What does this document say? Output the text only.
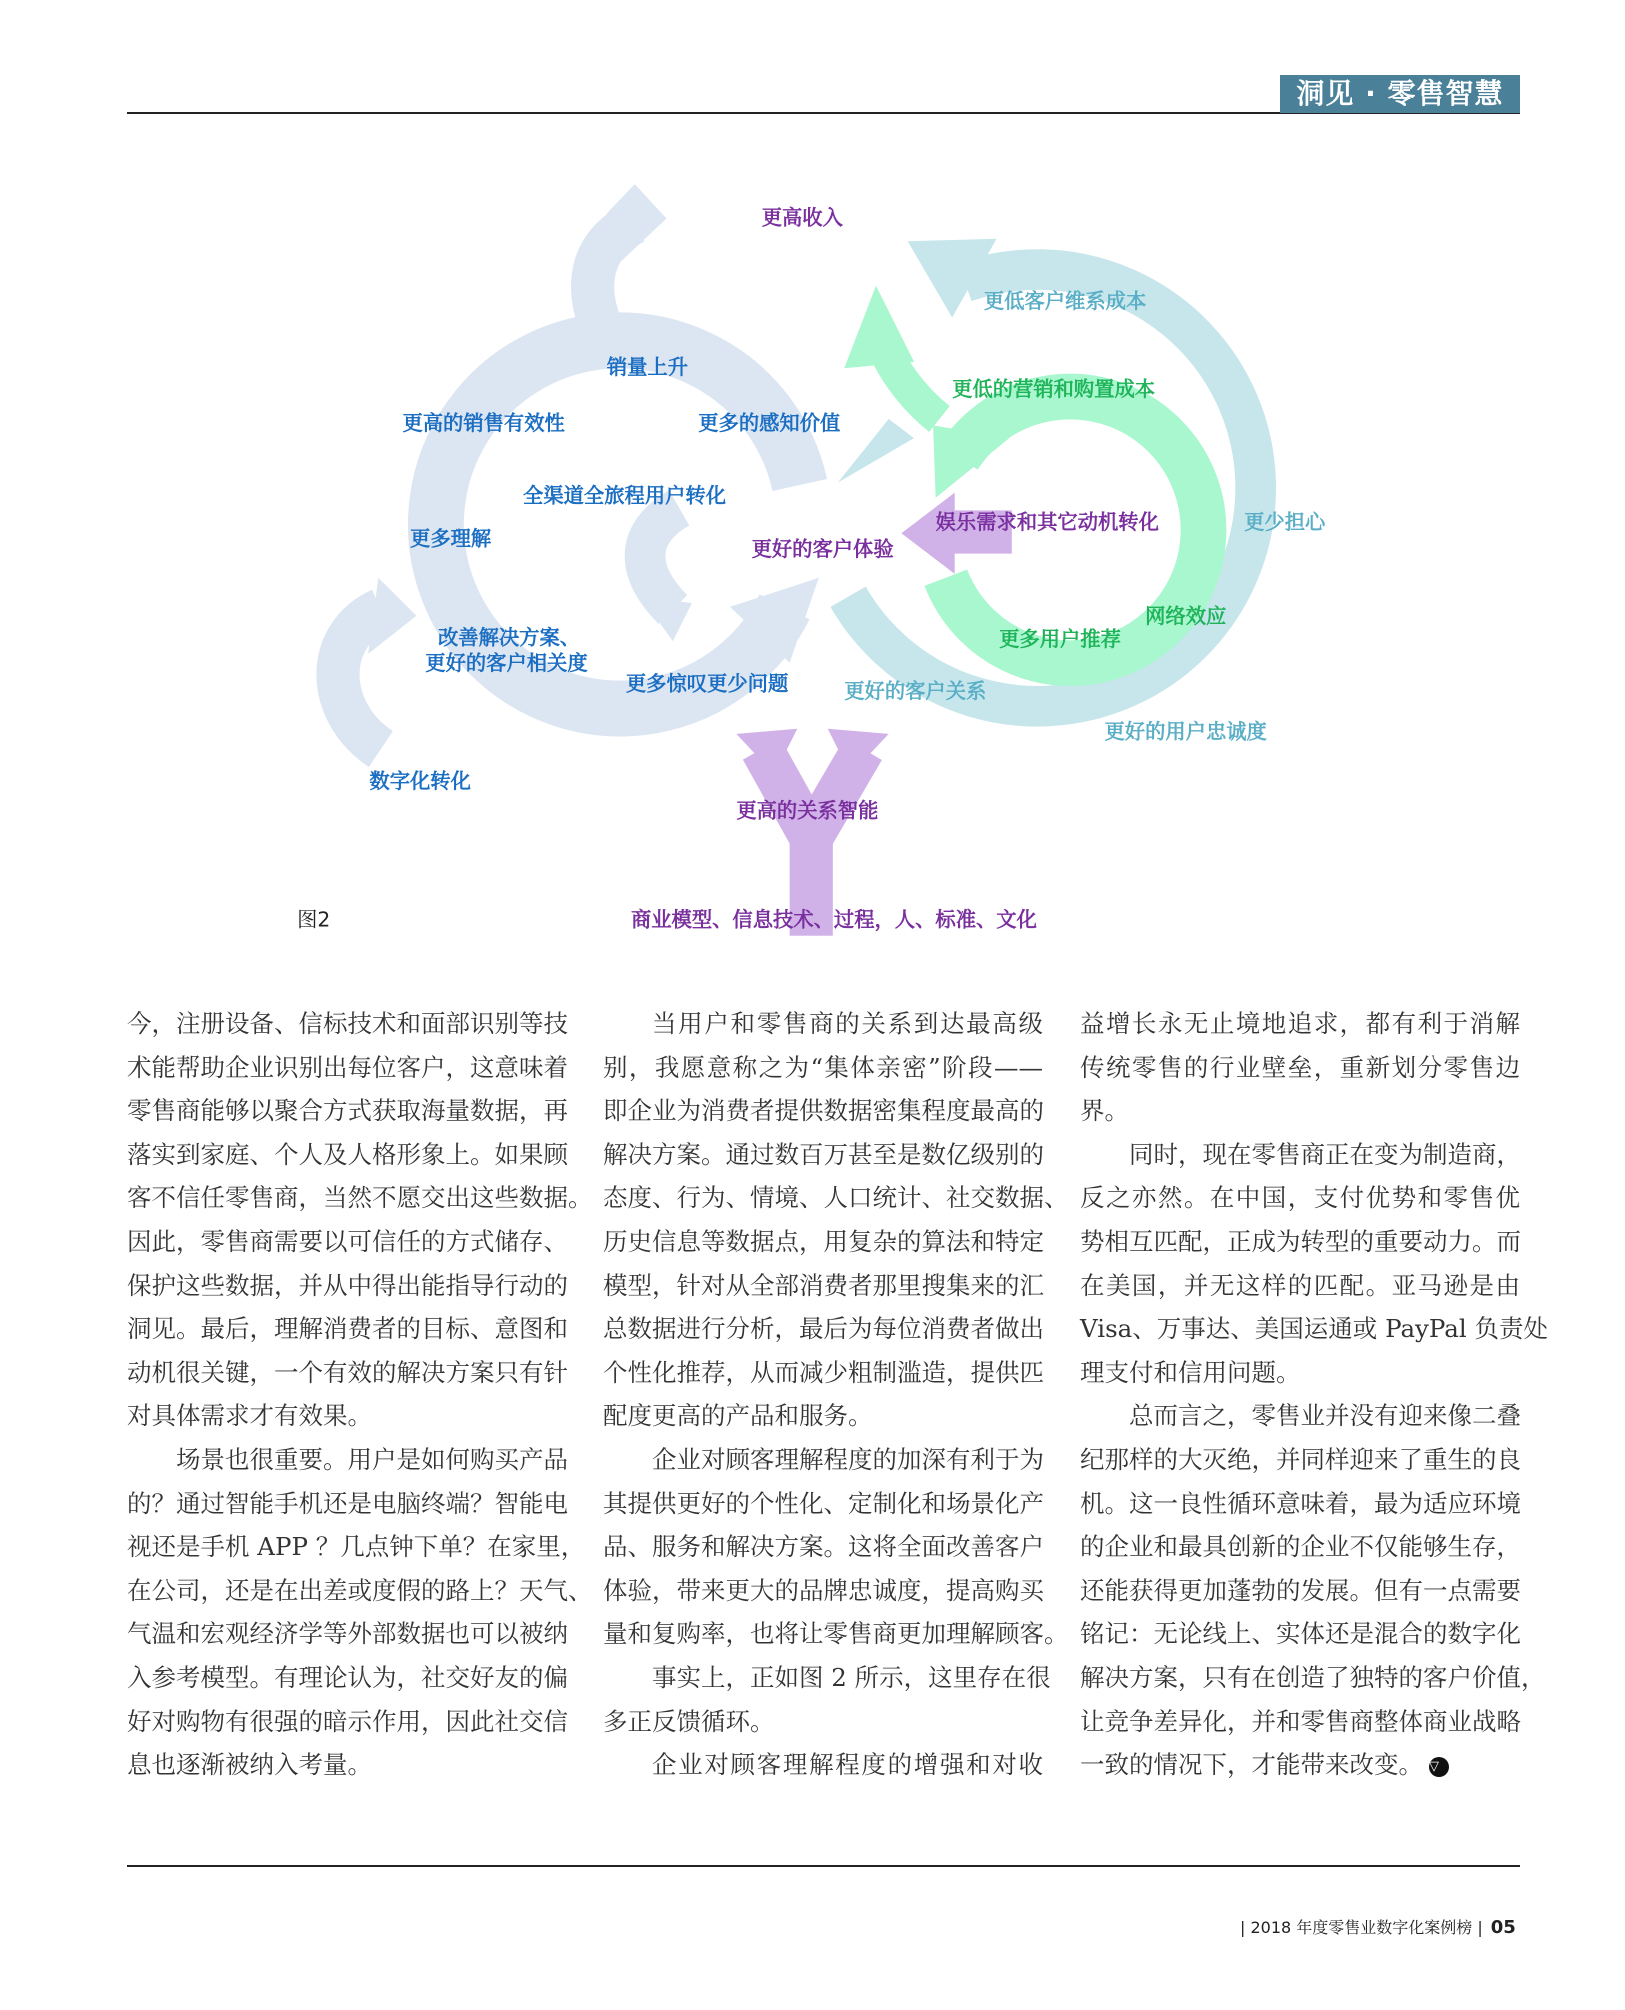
洞见 · 零售智慧
更高收入
更低客户维系成本
销量上升
更高的销售有效性	更多的感知价值
更低的营销和购置成本
全渠道全旅程用户转化
娱乐需求和其它动机转化	更少担心
更多理解	更好的客户体验
网络效应
改善解决方案、
更好的客户相关度
更多用户推荐
更多惊叹更少问题	更好的客户关系
更好的用户忠诚度
数字化转化
更高的关系智能
图2	商业模型、信息技术、过程，人、标准、文化
今，注册设备、信标技术和面部识别等技
术能帮助企业识别出每位客户，这意味着
零售商能够以聚合方式获取海量数据，再
落实到家庭、个人及人格形象上。如果顾
客不信任零售商，当然不愿交出这些数据。
因此，零售商需要以可信任的方式储存、
保护这些数据，并从中得出能指导行动的
洞见。最后，理解消费者的目标、意图和
动机很关键，一个有效的解决方案只有针
对具体需求才有效果。
场景也很重要。用户是如何购买产品
的？通过智能手机还是电脑终端？智能电
视还是手机 APP ？几点钟下单？在家里，
在公司，还是在出差或度假的路上？天气、
气温和宏观经济学等外部数据也可以被纳
入参考模型。有理论认为，社交好友的偏
好对购物有很强的暗示作用，因此社交信
息也逐渐被纳入考量。
当用户和零售商的关系到达最高级
别，我愿意称之为“集体亲密”阶段——
即企业为消费者提供数据密集程度最高的
解决方案。通过数百万甚至是数亿级别的
态度、行为、情境、人口统计、社交数据、
历史信息等数据点，用复杂的算法和特定
模型，针对从全部消费者那里搜集来的汇
总数据进行分析，最后为每位消费者做出
个性化推荐，从而减少粗制滥造，提供匹
配度更高的产品和服务。
企业对顾客理解程度的加深有利于为
其提供更好的个性化、定制化和场景化产
品、服务和解决方案。这将全面改善客户
体验，带来更大的品牌忠诚度，提高购买
量和复购率，也将让零售商更加理解顾客。
事实上，正如图 2 所示，这里存在很
多正反馈循环。
企业对顾客理解程度的增强和对收
益增长永无止境地追求，都有利于消解
传统零售的行业壁垒，重新划分零售边
界。
同时，现在零售商正在变为制造商，
反之亦然。在中国，支付优势和零售优
势相互匹配，正成为转型的重要动力。而
在美国，并无这样的匹配。亚马逊是由
Visa、万事达、美国运通或 PayPal 负责处
理支付和信用问题。
总而言之，零售业并没有迎来像二叠
纪那样的大灭绝，并同样迎来了重生的良
机。这一良性循环意味着，最为适应环境
的企业和最具创新的企业不仅能够生存，
还能获得更加蓬勃的发展。但有一点需要
铭记：无论线上、实体还是混合的数字化
解决方案，只有在创造了独特的客户价值，
让竞争差异化，并和零售商整体商业战略
一致的情况下，才能带来改变。 ▽
| 2018 年度零售业数字化案例榜 | 05
